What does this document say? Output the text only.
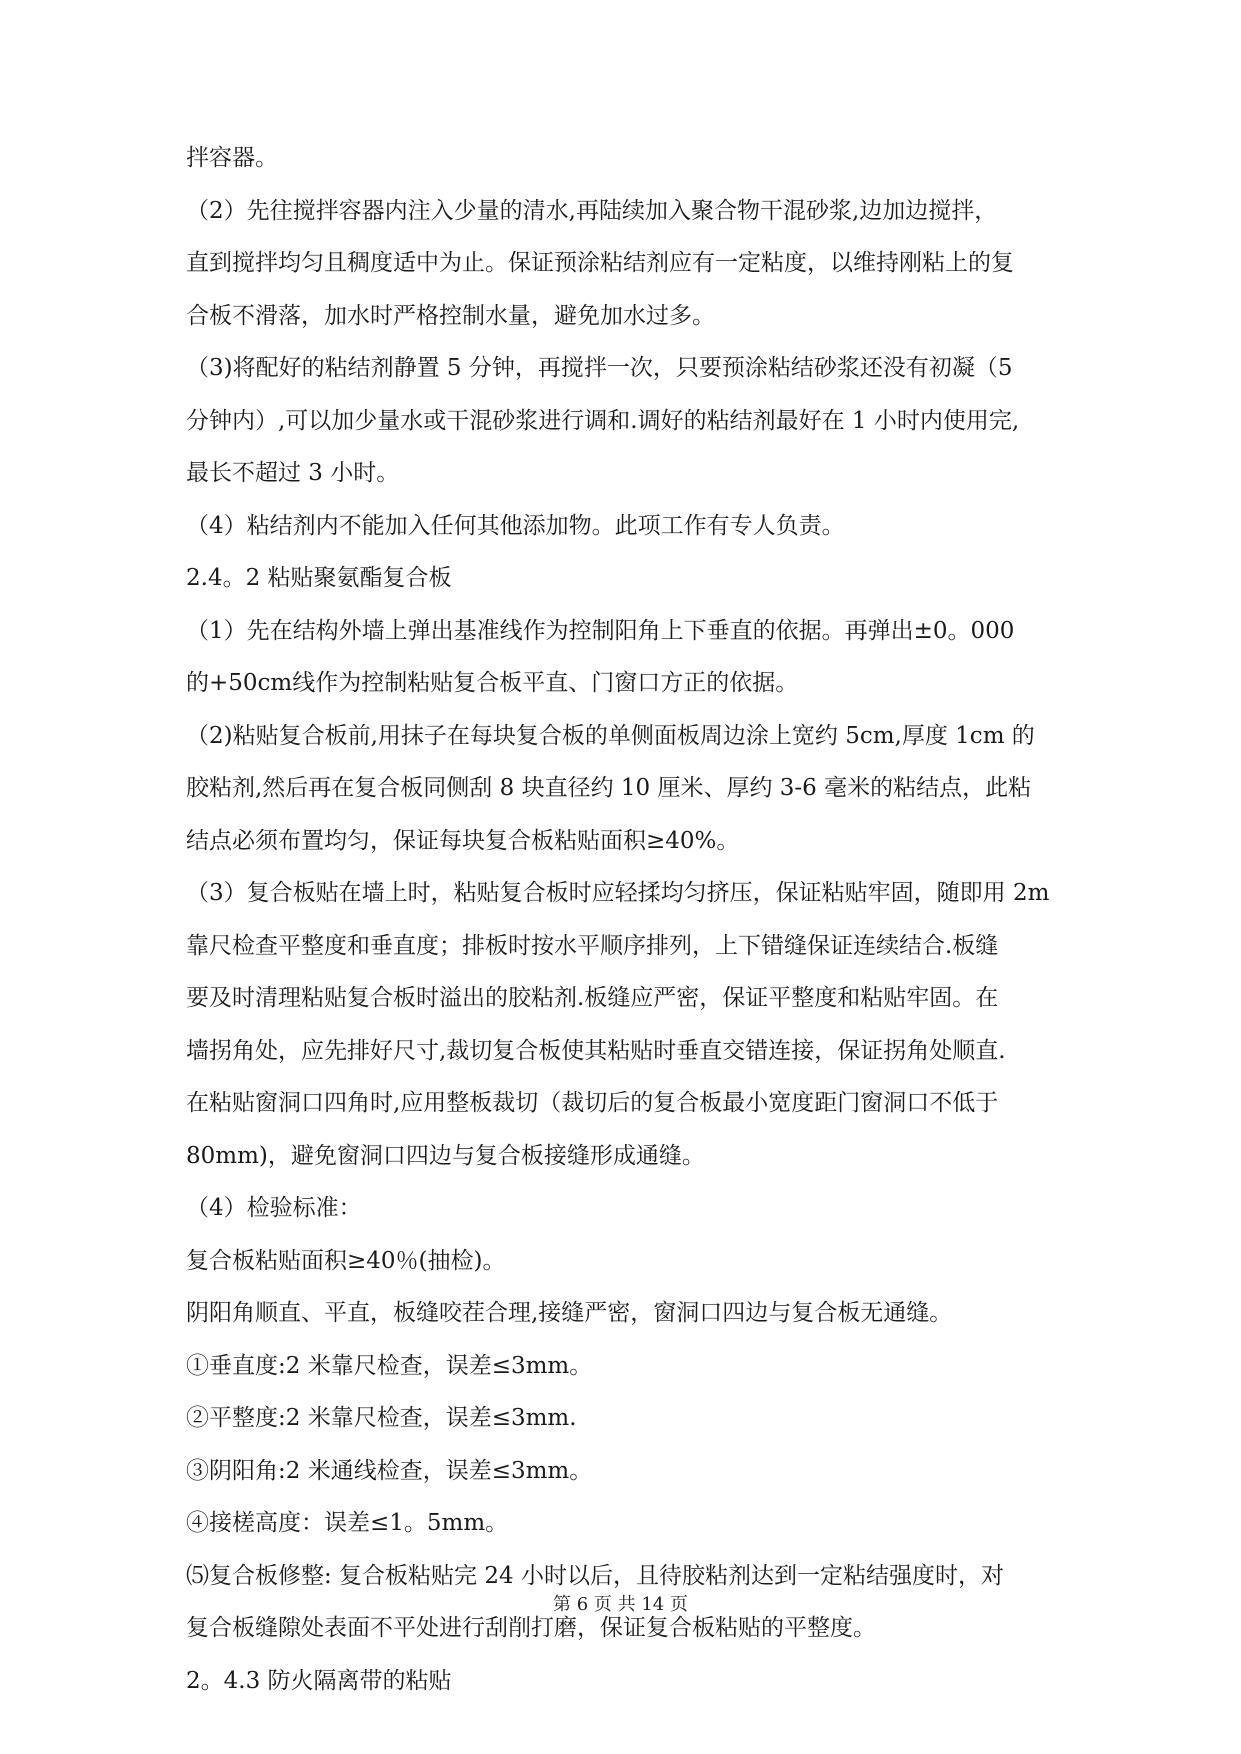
拌容器。
（2）先往搅拌容器内注入少量的清水,再陆续加入聚合物干混砂浆,边加边搅拌，
直到搅拌均匀且稠度适中为止。保证预涂粘结剂应有一定粘度，以维持刚粘上的复
合板不滑落，加水时严格控制水量，避免加水过多。
（3)将配好的粘结剂静置 5 分钟，再搅拌一次，只要预涂粘结砂浆还没有初凝（5
分钟内）,可以加少量水或干混砂浆进行调和.调好的粘结剂最好在 1 小时内使用完,
最长不超过 3 小时。
（4）粘结剂内不能加入任何其他添加物。此项工作有专人负责。
2.4。2 粘贴聚氨酯复合板
（1）先在结构外墙上弹出基准线作为控制阳角上下垂直的依据。再弹出±0。000
的+50cm线作为控制粘贴复合板平直、门窗口方正的依据。
（2)粘贴复合板前,用抹子在每块复合板的单侧面板周边涂上宽约 5cm,厚度 1cm 的
胶粘剂,然后再在复合板同侧刮 8 块直径约 10 厘米、厚约 3-6 毫米的粘结点，此粘
结点必须布置均匀，保证每块复合板粘贴面积≥40%。
（3）复合板贴在墙上时，粘贴复合板时应轻揉均匀挤压，保证粘贴牢固，随即用 2m
靠尺检查平整度和垂直度；排板时按水平顺序排列，上下错缝保证连续结合.板缝
要及时清理粘贴复合板时溢出的胶粘剂.板缝应严密，保证平整度和粘贴牢固。在
墙拐角处，应先排好尺寸,裁切复合板使其粘贴时垂直交错连接，保证拐角处顺直.
在粘贴窗洞口四角时,应用整板裁切（裁切后的复合板最小宽度距门窗洞口不低于
80mm)，避免窗洞口四边与复合板接缝形成通缝。
（4）检验标准：
复合板粘贴面积≥40％(抽检)。
阴阳角顺直、平直，板缝咬茬合理,接缝严密，窗洞口四边与复合板无通缝。
①垂直度:2 米靠尺检查，误差≤3mm。
②平整度:2 米靠尺检查，误差≤3mm.
③阴阳角:2 米通线检查，误差≤3mm。
④接槎高度：误差≤1。5mm。
⑸复合板修整: 复合板粘贴完 24 小时以后，且待胶粘剂达到一定粘结强度时，对
复合板缝隙处表面不平处进行刮削打磨，保证复合板粘贴的平整度。
2。4.3 防火隔离带的粘贴
第 6 页 共 14 页
